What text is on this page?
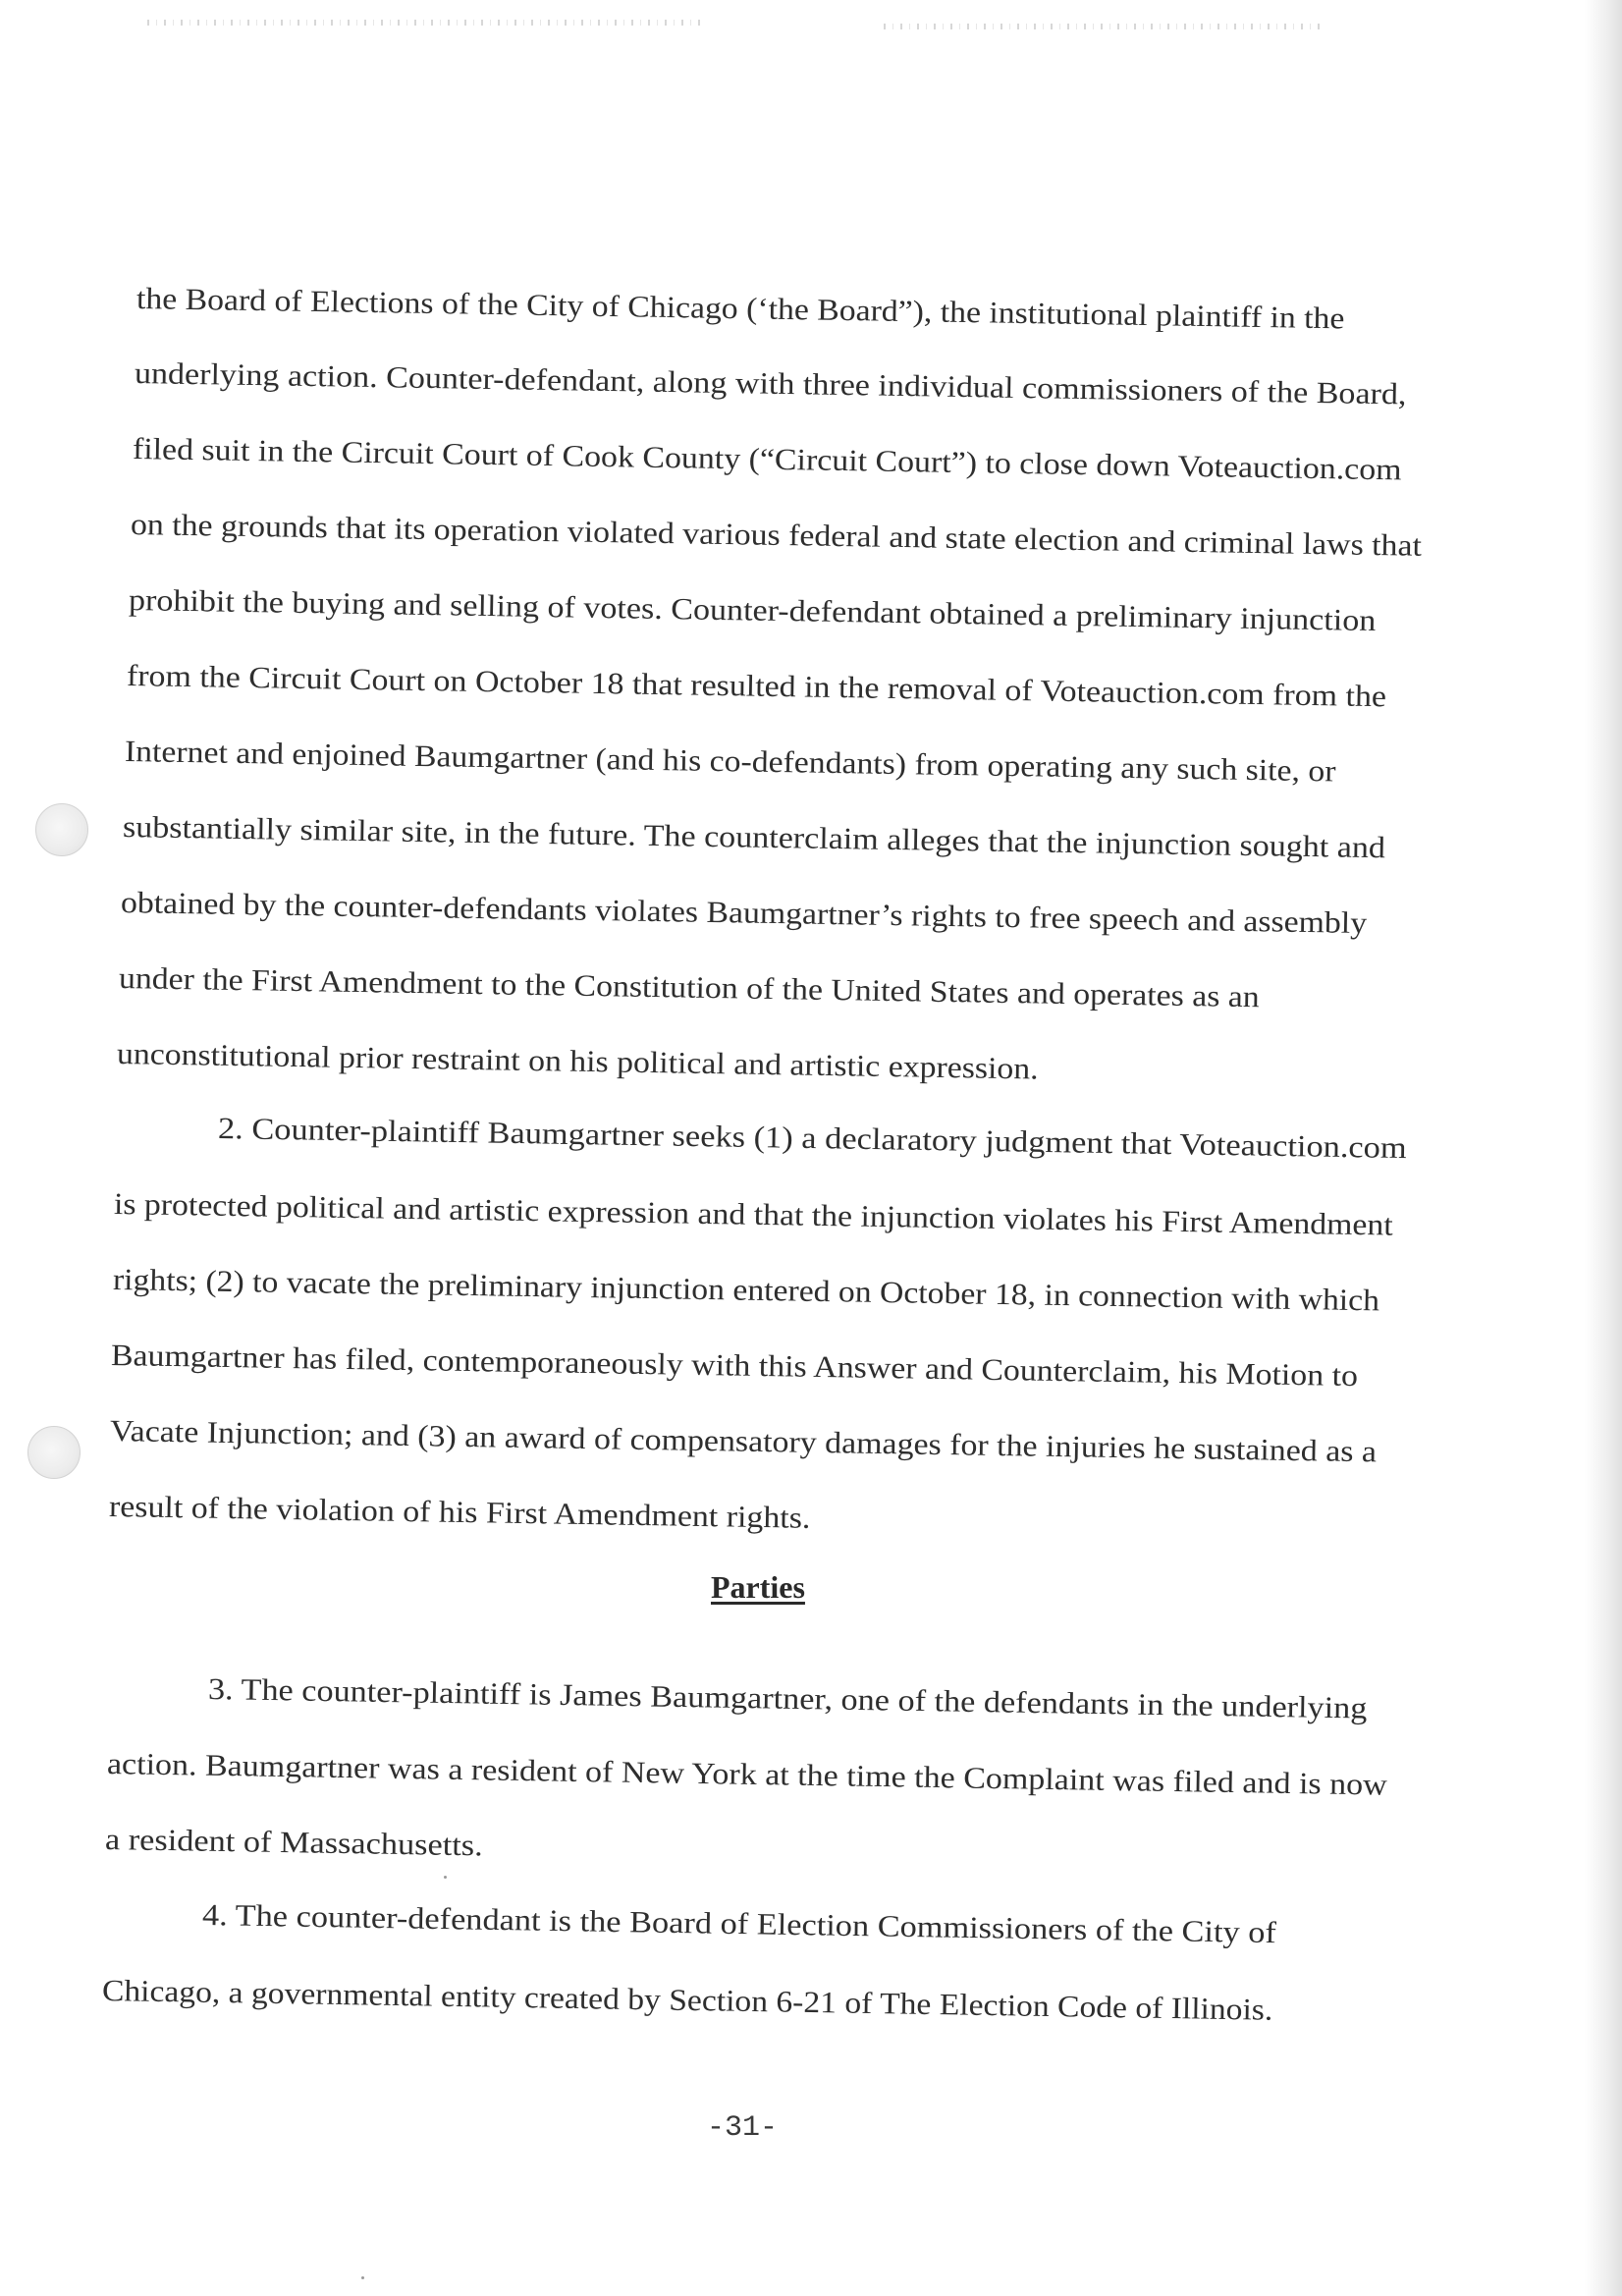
the Board of Elections of the City of Chicago (‘the Board”), the institutional plaintiff in the
underlying action. Counter-defendant, along with three individual commissioners of the Board,
filed suit in the Circuit Court of Cook County (“Circuit Court”) to close down Voteauction.com
on the grounds that its operation violated various federal and state election and criminal laws that
prohibit the buying and selling of votes. Counter-defendant obtained a preliminary injunction
from the Circuit Court on October 18 that resulted in the removal of Voteauction.com from the
Internet and enjoined Baumgartner (and his co-defendants) from operating any such site, or
substantially similar site, in the future. The counterclaim alleges that the injunction sought and
obtained by the counter-defendants violates Baumgartner’s rights to free speech and assembly
under the First Amendment to the Constitution of the United States and operates as an
unconstitutional prior restraint on his political and artistic expression.
2. Counter-plaintiff Baumgartner seeks (1) a declaratory judgment that Voteauction.com
is protected political and artistic expression and that the injunction violates his First Amendment
rights; (2) to vacate the preliminary injunction entered on October 18, in connection with which
Baumgartner has filed, contemporaneously with this Answer and Counterclaim, his Motion to
Vacate Injunction; and (3) an award of compensatory damages for the injuries he sustained as a
result of the violation of his First Amendment rights.
Parties
3. The counter-plaintiff is James Baumgartner, one of the defendants in the underlying
action. Baumgartner was a resident of New York at the time the Complaint was filed and is now
a resident of Massachusetts.
4. The counter-defendant is the Board of Election Commissioners of the City of
Chicago, a governmental entity created by Section 6-21 of The Election Code of Illinois.
-31-
